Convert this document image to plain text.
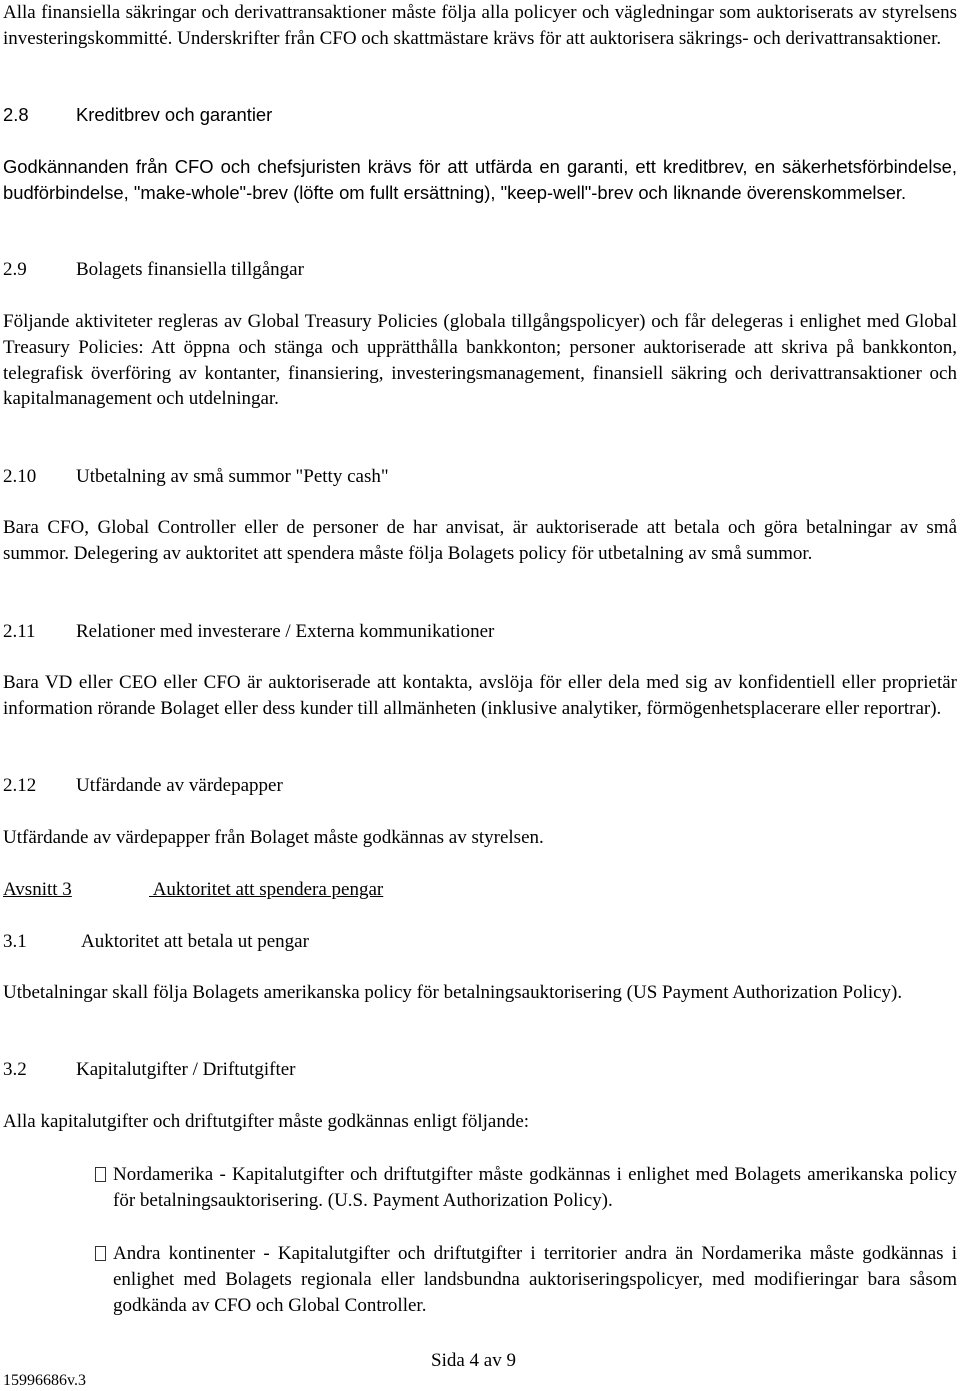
Alla finansiella säkringar och derivattransaktioner måste följa alla policyer och vägledningar som auktoriserats av styrelsens investeringskommitté. Underskrifter från CFO och skattmästare krävs för att auktorisera säkrings- och derivattransaktioner.

2.8	Kreditbrev och garantier

Godkännanden från CFO och chefsjuristen krävs för att utfärda en garanti, ett kreditbrev, en säkerhetsförbindelse, budförbindelse, "make-whole"-brev (löfte om fullt ersättning), "keep-well"-brev och liknande överenskommelser.

2.9	Bolagets finansiella tillgångar

Följande aktiviteter regleras av Global Treasury Policies (globala tillgångspolicyer) och får delegeras i enlighet med Global Treasury Policies: Att öppna och stänga och upprätthålla bankkonton; personer auktoriserade att skriva på bankkonton, telegrafisk överföring av kontanter, finansiering, investeringsmanagement, finansiell säkring och derivattransaktioner och kapitalmanagement och utdelningar.

2.10 Utbetalning av små summor "Petty cash"

Bara CFO, Global Controller eller de personer de har anvisat, är auktoriserade att betala och göra betalningar av små summor. Delegering av auktoritet att spendera måste följa Bolagets policy för utbetalning av små summor.

2.11 Relationer med investerare / Externa kommunikationer

Bara VD eller CEO eller CFO är auktoriserade att kontakta, avslöja för eller dela med sig av konfidentiell eller proprietär information rörande Bolaget eller dess kunder till allmänheten (inklusive analytiker, förmögenhetsplacerare eller reportrar).

2.12 Utfärdande av värdepapper

Utfärdande av värdepapper från Bolaget måste godkännas av styrelsen.

Avsnitt 3	Auktoritet att spendera pengar
3.1	Auktoritet att betala ut pengar

Utbetalningar skall följa Bolagets amerikanska policy för betalningsauktorisering (US Payment Authorization Policy).

3.2	Kapitalutgifter / Driftutgifter

Alla kapitalutgifter och driftutgifter måste godkännas enligt följande:

Nordamerika - Kapitalutgifter och driftutgifter måste godkännas i enlighet med Bolagets amerikanska policy för betalningsauktorisering. (U.S. Payment Authorization Policy).
Andra kontinenter - Kapitalutgifter och driftutgifter i territorier andra än Nordamerika måste godkännas i enlighet med Bolagets regionala eller landsbundna auktoriseringspolicyer, med modifieringar bara såsom godkända av CFO och Global Controller.
Sida 4 av 9
15996686v.3
